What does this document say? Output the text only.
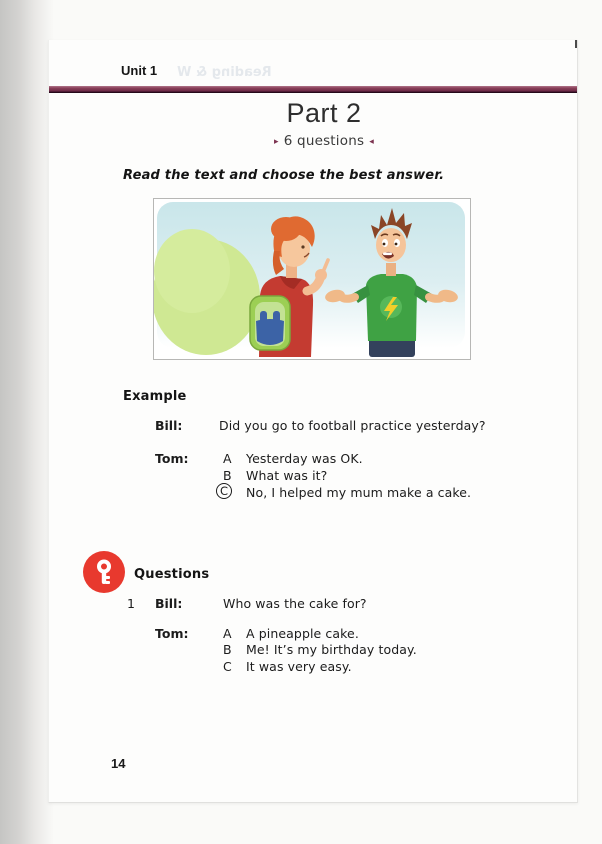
Unit 1 Reading & W
Part 2
▸ 6 questions ◂
Read the text and choose the best answer.
Example
Bill:	Did you go to football practice yesterday?
Tom:	A Yesterday was OK.
B What was it?
C	No, I helped my mum make a cake.
Questions
1 Bill:	Who was the cake for?
Tom:	A A pineapple cake.
B Me! It’s my birthday today.
C It was very easy.
14
